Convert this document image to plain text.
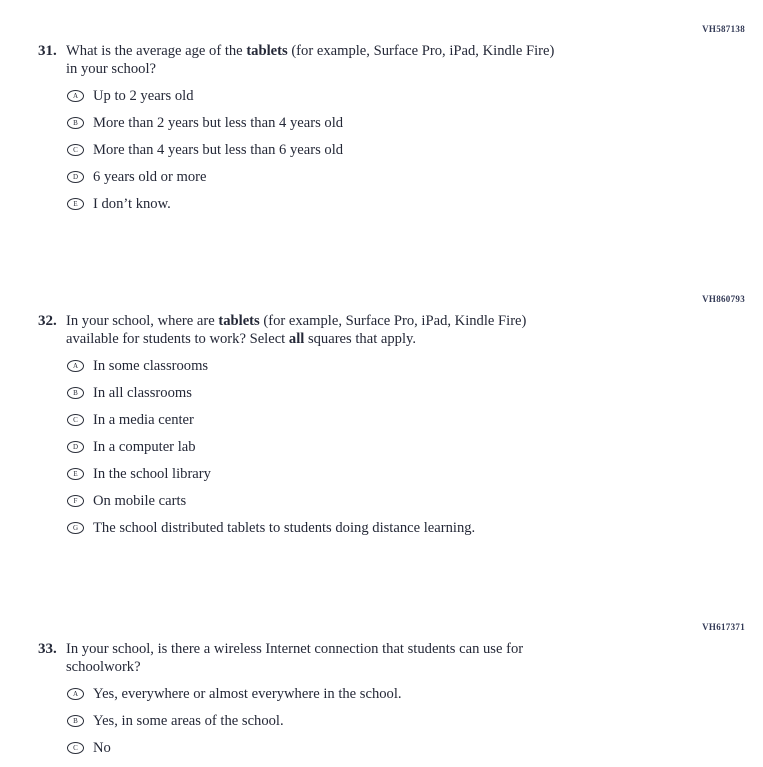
VH587138
31. What is the average age of the tablets (for example, Surface Pro, iPad, Kindle Fire)
in your school?

A	Up to 2 years old
B	More than 2 years but less than 4 years old
C	More than 4 years but less than 6 years old
D	6 years old or more
E	I don’t know.
VH860793
32. In your school, where are tablets (for example, Surface Pro, iPad, Kindle Fire)
available for students to work? Select all squares that apply.

A	In some classrooms
B	In all classrooms
C	In a media center
D	In a computer lab
E	In the school library
F	On mobile carts
G	The school distributed tablets to students doing distance learning.
VH617371
33. In your school, is there a wireless Internet connection that students can use for
schoolwork?

A	Yes, everywhere or almost everywhere in the school.
B	Yes, in some areas of the school.
C	No
